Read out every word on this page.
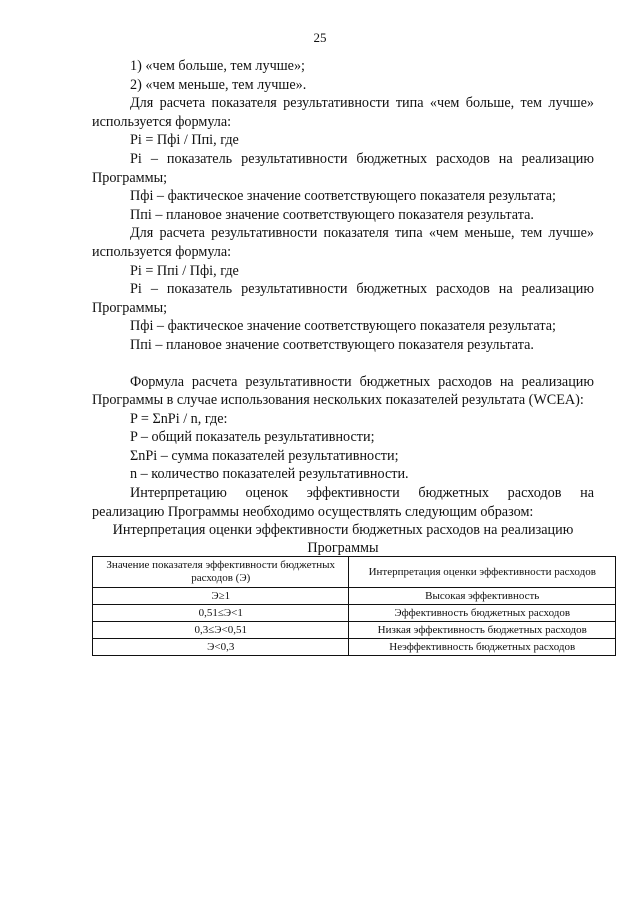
25

1) «чем больше, тем лучше»;

2) «чем меньше, тем лучше».

Для расчета показателя результативности типа «чем больше, тем лучше» используется формула:

Pi = Пфi / Ппi, где

Pi – показатель результативности бюджетных расходов на реализацию Программы;

Пфi – фактическое значение соответствующего показателя результата;

Ппi – плановое значение соответствующего показателя результата.

Для расчета результативности показателя типа «чем меньше, тем лучше» используется формула:

Pi = Ппi / Пфi, где

Pi – показатель результативности бюджетных расходов на реализацию Программы;

Пфi – фактическое значение соответствующего показателя результата;

Ппi – плановое значение соответствующего показателя результата.

Формула расчета результативности бюджетных расходов на реализацию Программы в случае использования нескольких показателей результата (WCEA):

P = ΣnPi / n, где:

P – общий показатель результативности;

ΣnPi – сумма показателей результативности;

n – количество показателей результативности.

Интерпретацию оценок эффективности бюджетных расходов на реализацию Программы необходимо осуществлять следующим образом:

Интерпретация оценки эффективности бюджетных расходов на реализацию Программы

Значение показателя эффективности бюджетных расходов (Э)	Интерпретация оценки эффективности расходов
Э≥1	Высокая эффективность
0,51≤Э<1	Эффективность бюджетных расходов
0,3≤Э<0,51	Низкая эффективность бюджетных расходов
Э<0,3	Неэффективность бюджетных расходов
